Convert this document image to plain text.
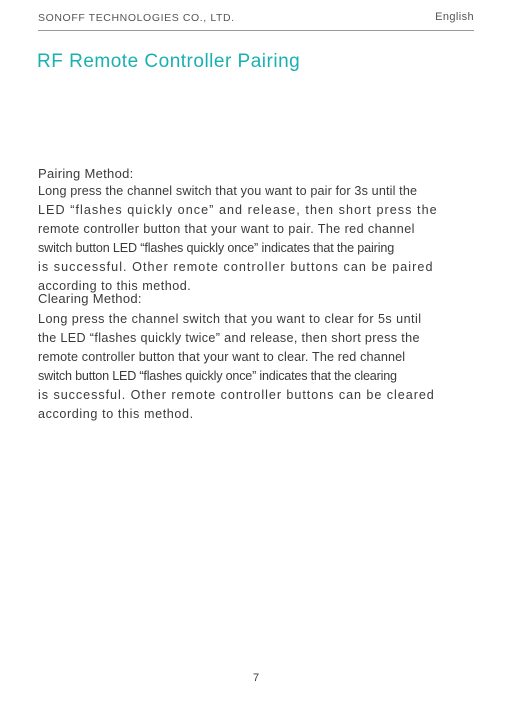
SONOFF TECHNOLOGIES CO., LTD.	English
RF Remote Controller Pairing
Pairing Method:
Long press the channel switch that you want to pair for 3s until the
LED “flashes quickly once” and release, then short press the
remote controller button that your want to pair. The red channel
switch button LED “flashes quickly once” indicates that the pairing
is successful. Other remote controller buttons can be paired
according to this method.
Clearing Method:
Long press the channel switch that you want to clear for 5s until
the LED “flashes quickly twice” and release, then short press the
remote controller button that your want to clear. The red channel
switch button LED “flashes quickly once” indicates that the clearing
is successful. Other remote controller buttons can be cleared
according to this method.
7
